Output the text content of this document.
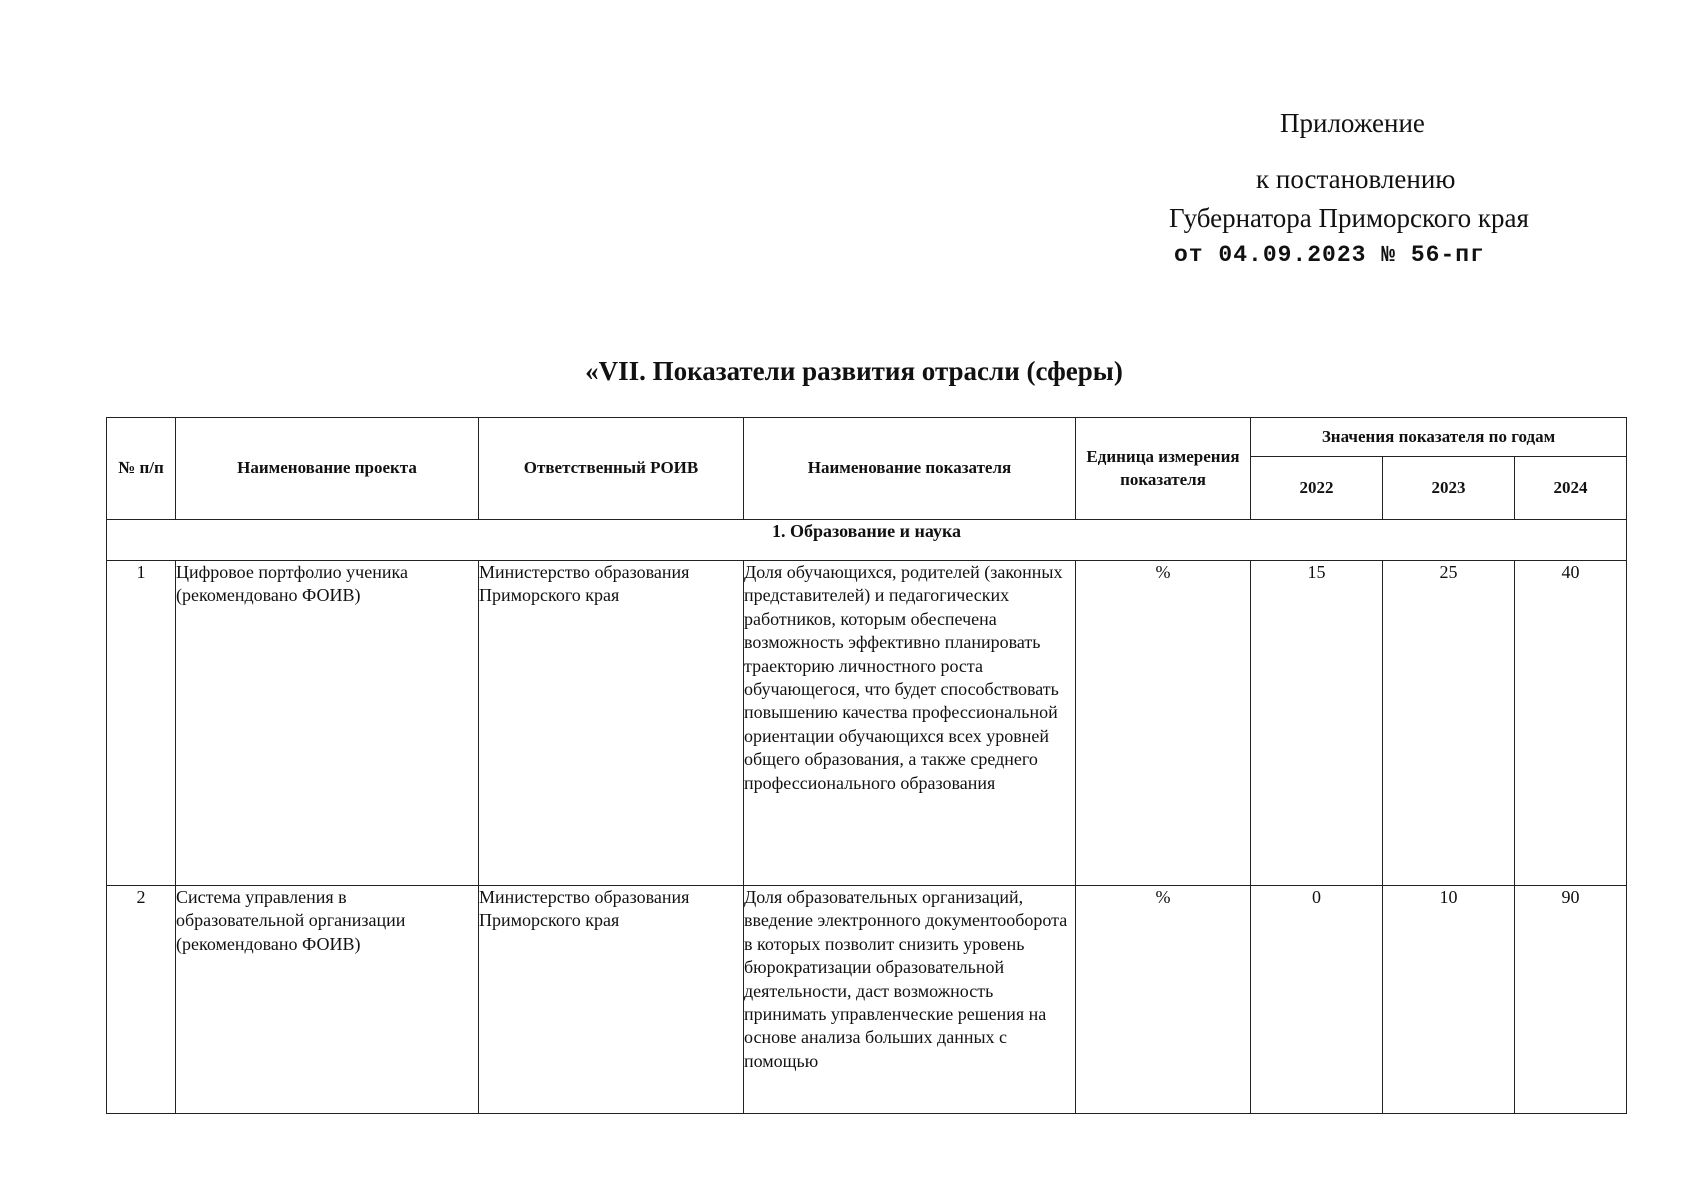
Приложение
к постановлению
Губернатора Приморского края
от 04.09.2023 № 56-пг
«VII. Показатели развития отрасли (сферы)
№ п/п	Наименование проекта	Ответственный РОИВ	Наименование показателя	Единица измерения показателя	Значения показателя по годам		
					2022	2023	2024
1. Образование и наука							
1	Цифровое портфолио ученика (рекомендовано ФОИВ)	Министерство образования Приморского края	Доля обучающихся, родителей (законных представителей) и педагогических работников, которым обеспечена возможность эффективно планировать траекторию личностного роста обучающегося, что будет способствовать повышению качества профессиональной ориентации обучающихся всех уровней общего образования, а также среднего профессионального образования	%	15	25	40
2	Система управления в образовательной организации (рекомендовано ФОИВ)	Министерство образования Приморского края	Доля образовательных организаций, введение электронного документооборота в которых позволит снизить уровень бюрократизации образовательной деятельности, даст возможность принимать управленческие решения на основе анализа больших данных с помощью	%	0	10	90
